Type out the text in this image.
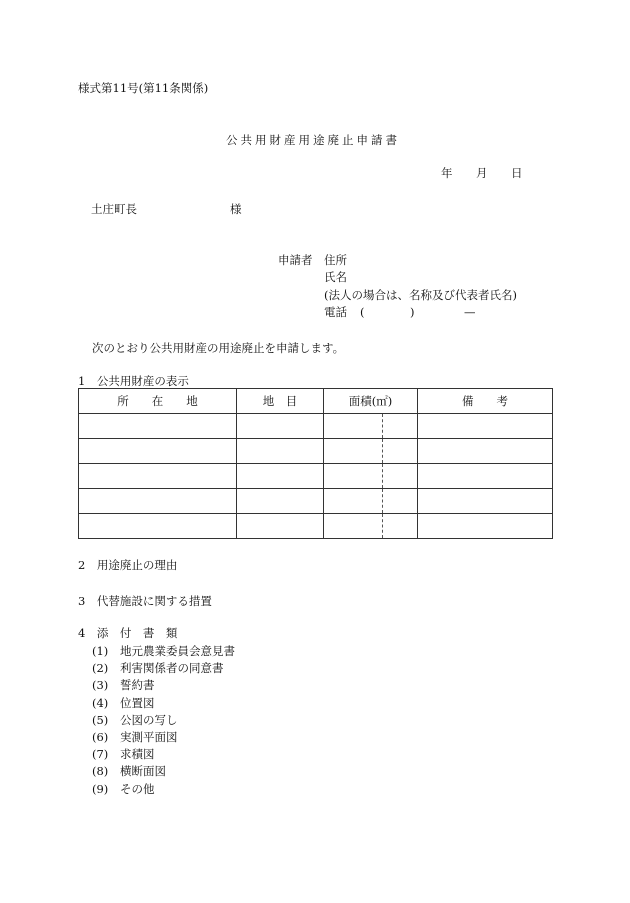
様式第11号(第11条関係)
公共用財産用途廃止申請書
年 月 日
土庄町長	様
申請者 住所
氏名
(法人の場合は、名称及び代表者氏名)
電話 (	)	—
次のとおり公共用財産の用途廃止を申請します。
1　公共用財産の表示
所　　在　　地	地　目	面積(㎡)		備　　考

2　用途廃止の理由
3　代替施設に関する措置
4　添　付　書　類
(1) 地元農業委員会意見書
(2) 利害関係者の同意書
(3) 誓約書
(4) 位置図
(5) 公図の写し
(6) 実測平面図
(7) 求積図
(8) 横断面図
(9) その他
